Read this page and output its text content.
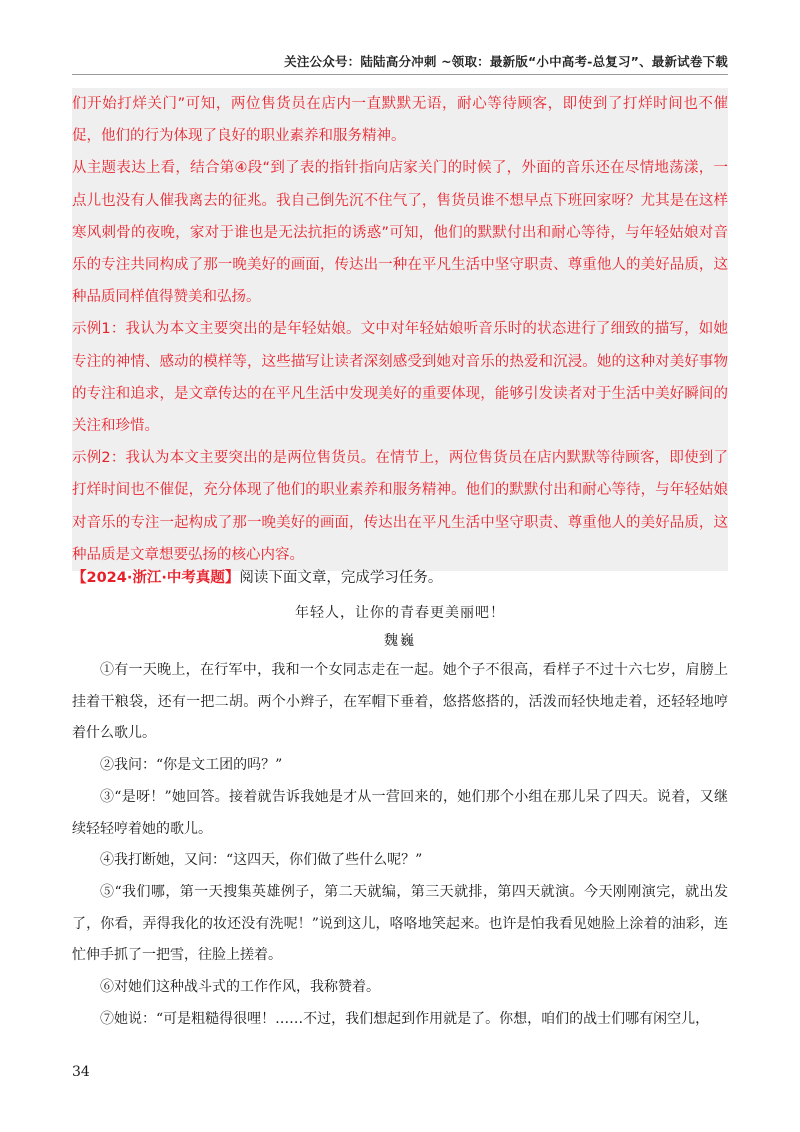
关注公众号：陆陆高分冲刺 ~领取：最新版“小中高考-总复习”、最新试卷下载

们开始打烊关门”可知，两位售货员在店内一直默默无语，耐心等待顾客，即使到了打烊时间也不催促，他们的行为体现了良好的职业素养和服务精神。

从主题表达上看，结合第④段“到了表的指针指向店家关门的时候了，外面的音乐还在尽情地荡漾，一点儿也没有人催我离去的征兆。我自己倒先沉不住气了，售货员谁不想早点下班回家呀？尤其是在这样寒风刺骨的夜晚，家对于谁也是无法抗拒的诱惑”可知，他们的默默付出和耐心等待，与年轻姑娘对音乐的专注共同构成了那一晚美好的画面，传达出一种在平凡生活中坚守职责、尊重他人的美好品质，这种品质同样值得赞美和弘扬。

示例1：我认为本文主要突出的是年轻姑娘。文中对年轻姑娘听音乐时的状态进行了细致的描写，如她专注的神情、感动的模样等，这些描写让读者深刻感受到她对音乐的热爱和沉浸。她的这种对美好事物的专注和追求，是文章传达的在平凡生活中发现美好的重要体现，能够引发读者对于生活中美好瞬间的关注和珍惜。

示例2：我认为本文主要突出的是两位售货员。在情节上，两位售货员在店内默默等待顾客，即使到了打烊时间也不催促，充分体现了他们的职业素养和服务精神。他们的默默付出和耐心等待，与年轻姑娘对音乐的专注一起构成了那一晚美好的画面，传达出在平凡生活中坚守职责、尊重他人的美好品质，这种品质是文章想要弘扬的核心内容。

【2024·浙江·中考真题】阅读下面文章，完成学习任务。
年轻人，让你的青春更美丽吧！
魏巍

①有一天晚上，在行军中，我和一个女同志走在一起。她个子不很高，看样子不过十六七岁，肩膀上挂着干粮袋，还有一把二胡。两个小辫子，在军帽下垂着，悠搭悠搭的，活泼而轻快地走着，还轻轻地哼着什么歌儿。

②我问：“你是文工团的吗？”

③“是呀！”她回答。接着就告诉我她是才从一营回来的，她们那个小组在那儿呆了四天。说着，又继续轻轻哼着她的歌儿。

④我打断她，又问：“这四天，你们做了些什么呢？”

⑤“我们哪，第一天搜集英雄例子，第二天就编，第三天就排，第四天就演。今天刚刚演完，就出发了，你看，弄得我化的妆还没有洗呢！”说到这儿，咯咯地笑起来。也许是怕我看见她脸上涂着的油彩，连忙伸手抓了一把雪，往脸上搓着。

⑥对她们这种战斗式的工作作风，我称赞着。

⑦她说：“可是粗糙得很哩！……不过，我们想起到作用就是了。你想，咱们的战士们哪有闲空儿，

34
